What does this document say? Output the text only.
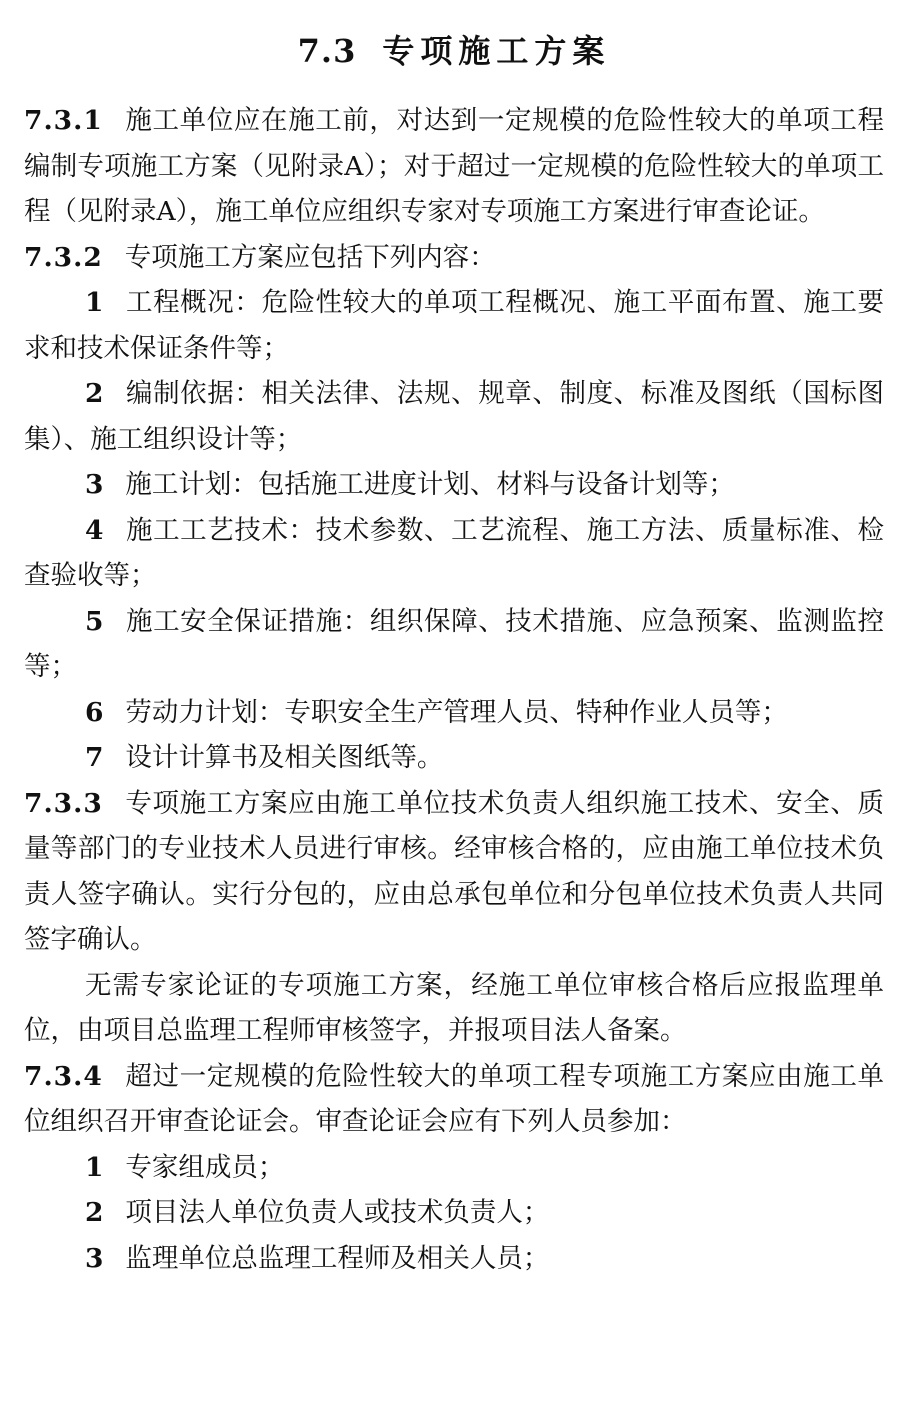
7.3 专项施工方案

7.3.1 施工单位应在施工前，对达到一定规模的危险性较大的单项工程编制专项施工方案（见附录A）；对于超过一定规模的危险性较大的单项工程（见附录A），施工单位应组织专家对专项施工方案进行审查论证。

7.3.2 专项施工方案应包括下列内容：

1 工程概况：危险性较大的单项工程概况、施工平面布置、施工要求和技术保证条件等；

2 编制依据：相关法律、法规、规章、制度、标准及图纸（国标图集）、施工组织设计等；

3 施工计划：包括施工进度计划、材料与设备计划等；

4 施工工艺技术：技术参数、工艺流程、施工方法、质量标准、检查验收等；

5 施工安全保证措施：组织保障、技术措施、应急预案、监测监控等；

6 劳动力计划：专职安全生产管理人员、特种作业人员等；

7 设计计算书及相关图纸等。

7.3.3 专项施工方案应由施工单位技术负责人组织施工技术、安全、质量等部门的专业技术人员进行审核。经审核合格的，应由施工单位技术负责人签字确认。实行分包的，应由总承包单位和分包单位技术负责人共同签字确认。

无需专家论证的专项施工方案，经施工单位审核合格后应报监理单位，由项目总监理工程师审核签字，并报项目法人备案。

7.3.4 超过一定规模的危险性较大的单项工程专项施工方案应由施工单位组织召开审查论证会。审查论证会应有下列人员参加：

1 专家组成员；

2 项目法人单位负责人或技术负责人；

3 监理单位总监理工程师及相关人员；
